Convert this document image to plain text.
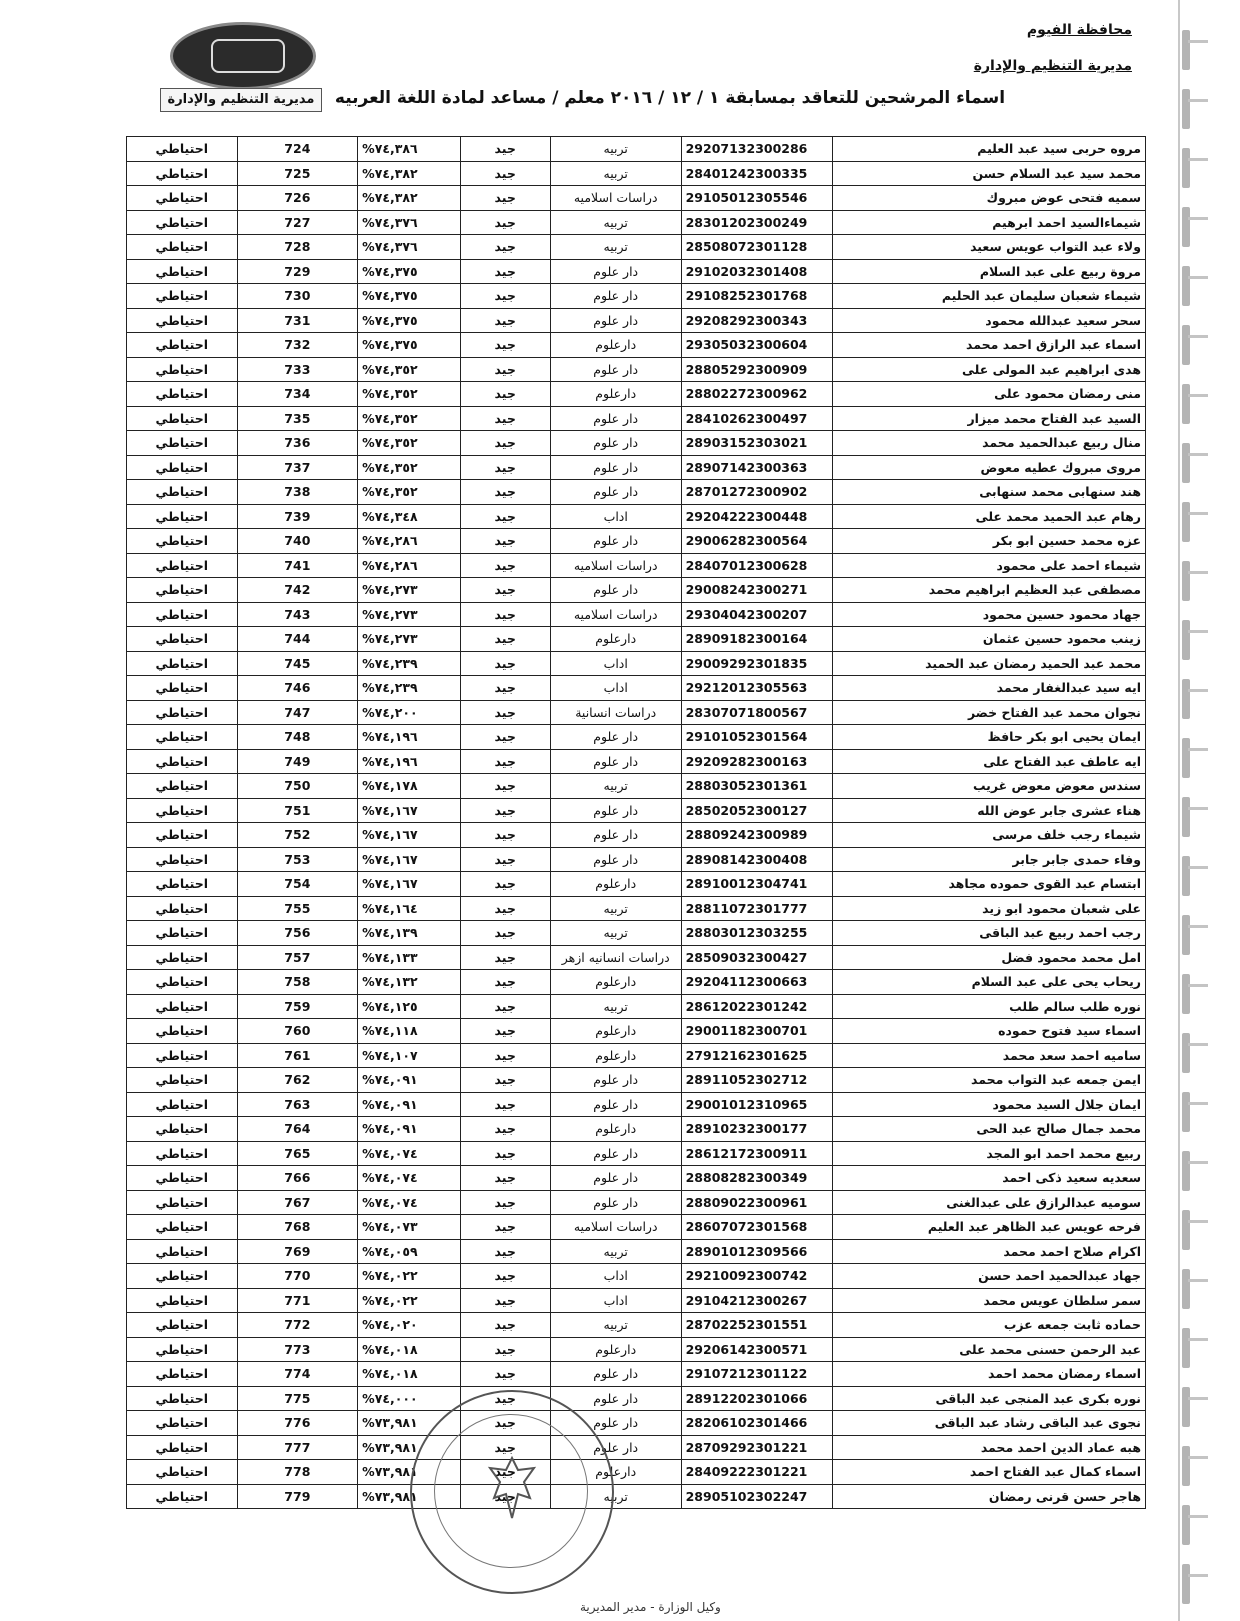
محافظة الفيوم
مديرية التنظيم والإدارة
مديرية التنظيم والإدارة	اسماء المرشحين للتعاقد بمسابقة ١ / ١٢ / ٢٠١٦ معلم / مساعد لمادة اللغة العربيه
احتياطي	724	%٧٤,٣٨٦	جيد	تربيه	29207132300286	مروه حربى سيد عبد العليم
احتياطي	725	%٧٤,٣٨٢	جيد	تربيه	28401242300335	محمد سيد عبد السلام حسن
احتياطي	726	%٧٤,٣٨٢	جيد	دراسات اسلاميه	29105012305546	سميه فتحى عوض مبروك
احتياطي	727	%٧٤,٣٧٦	جيد	تربيه	28301202300249	شيماءالسيد احمد ابرهيم
احتياطي	728	%٧٤,٣٧٦	جيد	تربيه	28508072301128	ولاء عبد التواب عويس سعيد
احتياطي	729	%٧٤,٣٧٥	جيد	دار علوم	29102032301408	مروة ربيع على عبد السلام
احتياطي	730	%٧٤,٣٧٥	جيد	دار علوم	29108252301768	شيماء شعبان سليمان عبد الحليم
احتياطي	731	%٧٤,٣٧٥	جيد	دار علوم	29208292300343	سحر سعيد عبدالله محمود
احتياطي	732	%٧٤,٣٧٥	جيد	دارعلوم	29305032300604	اسماء عبد الرازق احمد محمد
احتياطي	733	%٧٤,٣٥٢	جيد	دار علوم	28805292300909	هدى ابراهيم عبد المولى على
احتياطي	734	%٧٤,٣٥٢	جيد	دارعلوم	28802272300962	منى رمضان محمود على
احتياطي	735	%٧٤,٣٥٢	جيد	دار علوم	28410262300497	السيد عبد الفتاح محمد ميزار
احتياطي	736	%٧٤,٣٥٢	جيد	دار علوم	28903152303021	منال ربيع عبدالحميد محمد
احتياطي	737	%٧٤,٣٥٢	جيد	دار علوم	28907142300363	مروى مبروك عطيه معوض
احتياطي	738	%٧٤,٣٥٢	جيد	دار علوم	28701272300902	هند سنهابى محمد سنهابى
احتياطي	739	%٧٤,٣٤٨	جيد	اداب	29204222300448	رهام عبد الحميد محمد على
احتياطي	740	%٧٤,٢٨٦	جيد	دار علوم	29006282300564	عزه محمد حسين ابو بكر
احتياطي	741	%٧٤,٢٨٦	جيد	دراسات اسلاميه	28407012300628	شيماء احمد على محمود
احتياطي	742	%٧٤,٢٧٣	جيد	دار علوم	29008242300271	مصطفى عبد العظيم ابراهيم محمد
احتياطي	743	%٧٤,٢٧٣	جيد	دراسات اسلاميه	29304042300207	جهاد محمود حسين محمود
احتياطي	744	%٧٤,٢٧٣	جيد	دارعلوم	28909182300164	زينب محمود حسين عثمان
احتياطي	745	%٧٤,٢٣٩	جيد	اداب	29009292301835	محمد عبد الحميد رمضان عبد الحميد
احتياطي	746	%٧٤,٢٣٩	جيد	اداب	29212012305563	ايه سيد عبدالغفار محمد
احتياطي	747	%٧٤,٢٠٠	جيد	دراسات انسانية	28307071800567	نجوان محمد عبد الفتاح خضر
احتياطي	748	%٧٤,١٩٦	جيد	دار علوم	29101052301564	ايمان يحيى ابو بكر حافظ
احتياطي	749	%٧٤,١٩٦	جيد	دار علوم	29209282300163	ايه عاطف عبد الفتاح على
احتياطي	750	%٧٤,١٧٨	جيد	تربيه	28803052301361	سندس معوض معوض غريب
احتياطي	751	%٧٤,١٦٧	جيد	دار علوم	28502052300127	هناء عشرى جابر عوض الله
احتياطي	752	%٧٤,١٦٧	جيد	دار علوم	28809242300989	شيماء رجب خلف مرسى
احتياطي	753	%٧٤,١٦٧	جيد	دار علوم	28908142300408	وفاء حمدى جابر جابر
احتياطي	754	%٧٤,١٦٧	جيد	دارعلوم	28910012304741	ابتسام عبد القوى حموده مجاهد
احتياطي	755	%٧٤,١٦٤	جيد	تربيه	28811072301777	على شعبان محمود ابو زيد
احتياطي	756	%٧٤,١٣٩	جيد	تربيه	28803012303255	رجب احمد ربيع عبد الباقى
احتياطي	757	%٧٤,١٣٣	جيد	دراسات انسانيه ازهر	28509032300427	امل محمد محمود فضل
احتياطي	758	%٧٤,١٣٢	جيد	دارعلوم	29204112300663	ريحاب يحى على عبد السلام
احتياطي	759	%٧٤,١٢٥	جيد	تربيه	28612022301242	نوره طلب سالم طلب
احتياطي	760	%٧٤,١١٨	جيد	دارعلوم	29001182300701	اسماء سيد فتوح حموده
احتياطي	761	%٧٤,١٠٧	جيد	دارعلوم	27912162301625	ساميه احمد سعد محمد
احتياطي	762	%٧٤,٠٩١	جيد	دار علوم	28911052302712	ايمن جمعه عبد التواب محمد
احتياطي	763	%٧٤,٠٩١	جيد	دار علوم	29001012310965	ايمان جلال السيد محمود
احتياطي	764	%٧٤,٠٩١	جيد	دارعلوم	28910232300177	محمد جمال صالح عبد الحى
احتياطي	765	%٧٤,٠٧٤	جيد	دار علوم	28612172300911	ربيع محمد احمد ابو المجد
احتياطي	766	%٧٤,٠٧٤	جيد	دار علوم	28808282300349	سعديه سعيد ذكى احمد
احتياطي	767	%٧٤,٠٧٤	جيد	دار علوم	28809022300961	سوميه عبدالرازق على عبدالغنى
احتياطي	768	%٧٤,٠٧٣	جيد	دراسات اسلاميه	28607072301568	فرحه عويس عبد الظاهر عبد العليم
احتياطي	769	%٧٤,٠٥٩	جيد	تربيه	28901012309566	اكرام صلاح احمد محمد
احتياطي	770	%٧٤,٠٢٢	جيد	اداب	29210092300742	جهاد عبدالحميد احمد حسن
احتياطي	771	%٧٤,٠٢٢	جيد	اداب	29104212300267	سمر سلطان عويس محمد
احتياطي	772	%٧٤,٠٢٠	جيد	تربيه	28702252301551	حماده ثابت جمعه عزب
احتياطي	773	%٧٤,٠١٨	جيد	دارعلوم	29206142300571	عبد الرحمن حسنى محمد على
احتياطي	774	%٧٤,٠١٨	جيد	دار علوم	29107212301122	اسماء رمضان محمد احمد
احتياطي	775	%٧٤,٠٠٠	جيد	دار علوم	28912202301066	نوره بكرى عبد المنجى عبد الباقى
احتياطي	776	%٧٣,٩٨١	جيد	دار علوم	28206102301466	نجوى عبد الباقى رشاد عبد الباقى
احتياطي	777	%٧٣,٩٨١	جيد	دار علوم	28709292301221	هبه عماد الدين احمد محمد
احتياطي	778	%٧٣,٩٨١	جيد	دارعلوم	28409222301221	اسماء كمال عبد الفتاح احمد
احتياطي	779	%٧٣,٩٨١	جيد	تربيه	28905102302247	هاجر حسن قرنى رمضان
وكيل الوزارة - مدير المديرية
